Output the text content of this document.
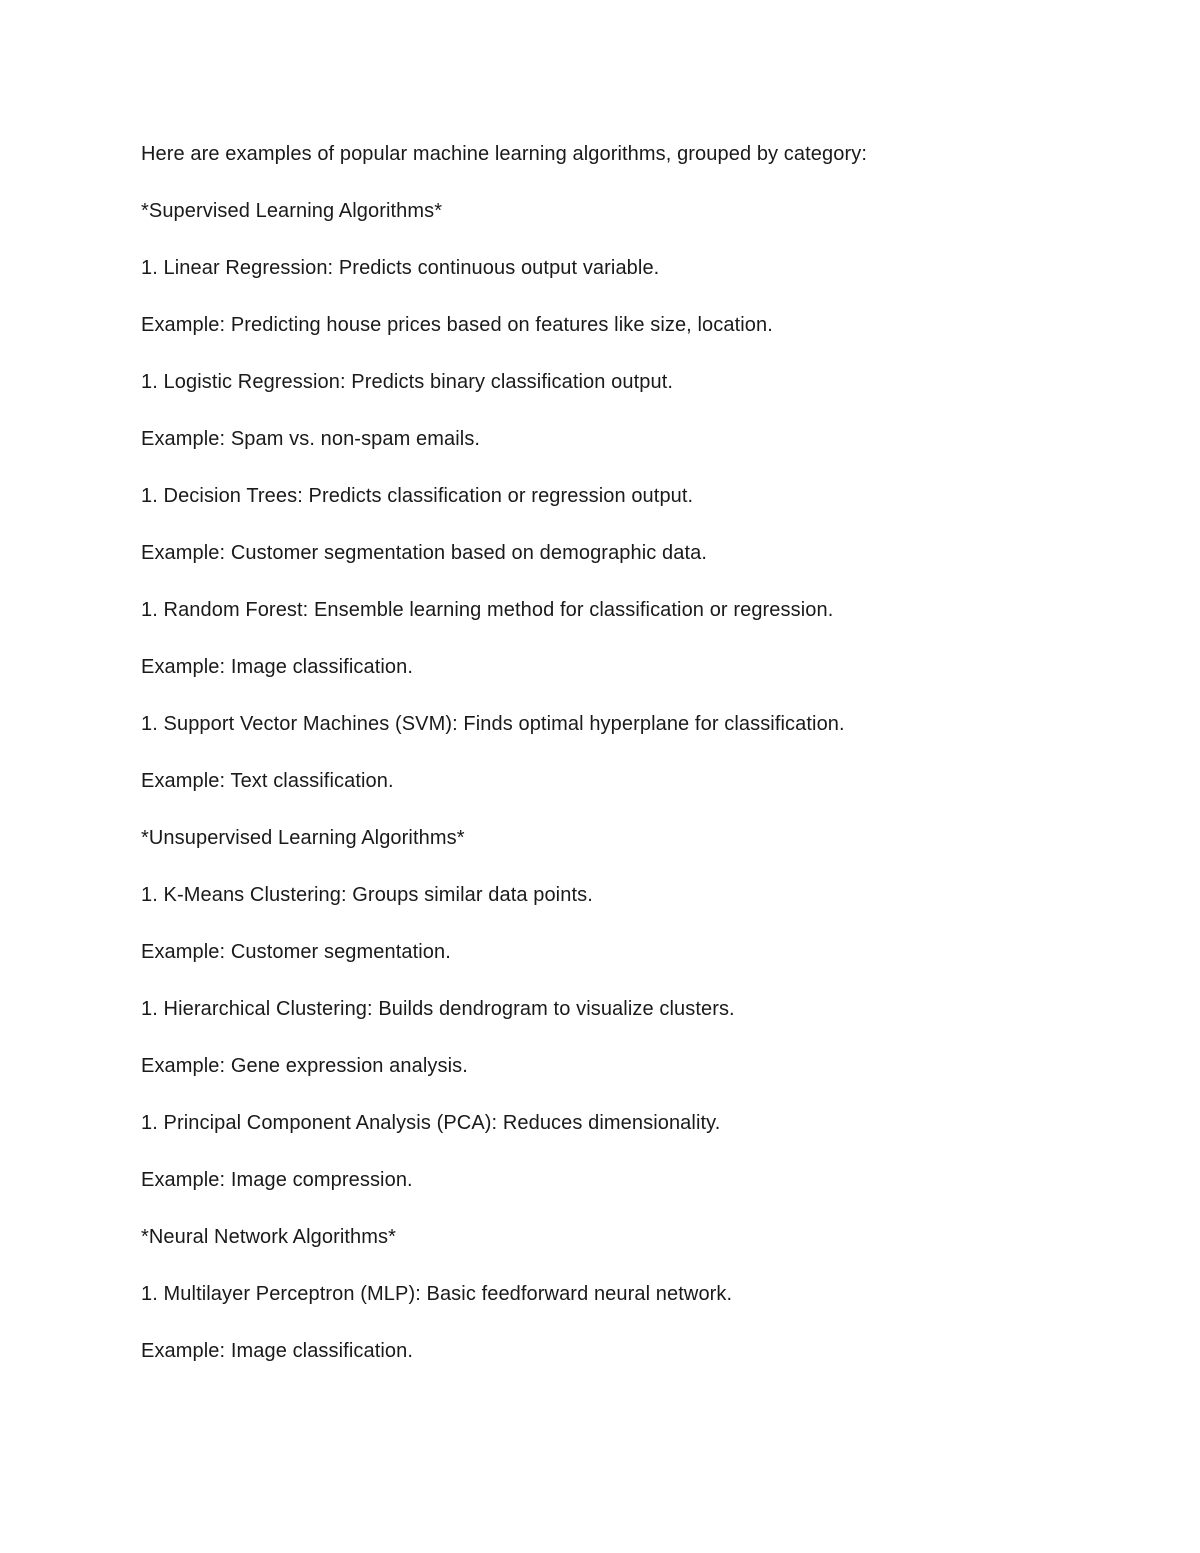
Here are examples of popular machine learning algorithms, grouped by category:

*Supervised Learning Algorithms*

1. Linear Regression: Predicts continuous output variable.

Example: Predicting house prices based on features like size, location.

1. Logistic Regression: Predicts binary classification output.

Example: Spam vs. non-spam emails.

1. Decision Trees: Predicts classification or regression output.

Example: Customer segmentation based on demographic data.

1. Random Forest: Ensemble learning method for classification or regression.

Example: Image classification.

1. Support Vector Machines (SVM): Finds optimal hyperplane for classification.

Example: Text classification.

*Unsupervised Learning Algorithms*

1. K-Means Clustering: Groups similar data points.

Example: Customer segmentation.

1. Hierarchical Clustering: Builds dendrogram to visualize clusters.

Example: Gene expression analysis.

1. Principal Component Analysis (PCA): Reduces dimensionality.

Example: Image compression.

*Neural Network Algorithms*

1. Multilayer Perceptron (MLP): Basic feedforward neural network.

Example: Image classification.
